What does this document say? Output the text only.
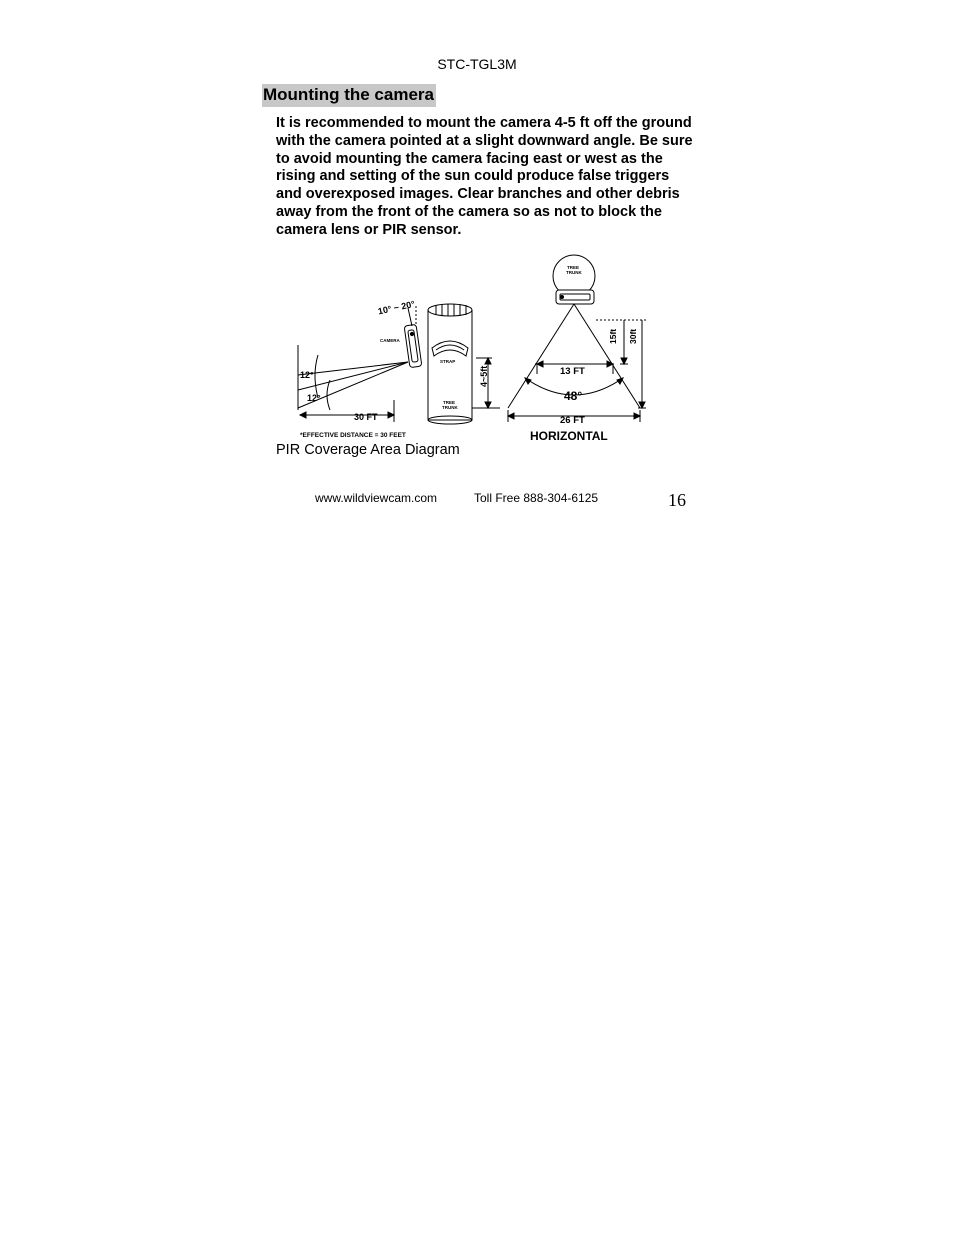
STC-TGL3M
Mounting the camera
It is recommended to mount the camera 4-5 ft off the ground with the camera pointed at a slight downward angle. Be sure to avoid mounting the camera facing east or west as the rising and setting of the sun could produce false triggers and overexposed images. Clear branches and other debris away from the front of the camera so as not to block the camera lens or PIR sensor.
10° ~ 20°
CAMERA
STRAP
TREE
TRUNK
4~5ft
12°
12°
30 FT
*EFFECTIVE DISTANCE = 30 FEET
TREE
TRUNK
15ft 30ft
13 FT
48°
26 FT
HORIZONTAL
PIR Coverage Area Diagram
www.wildviewcam.com	Toll Free 888-304-6125	16
